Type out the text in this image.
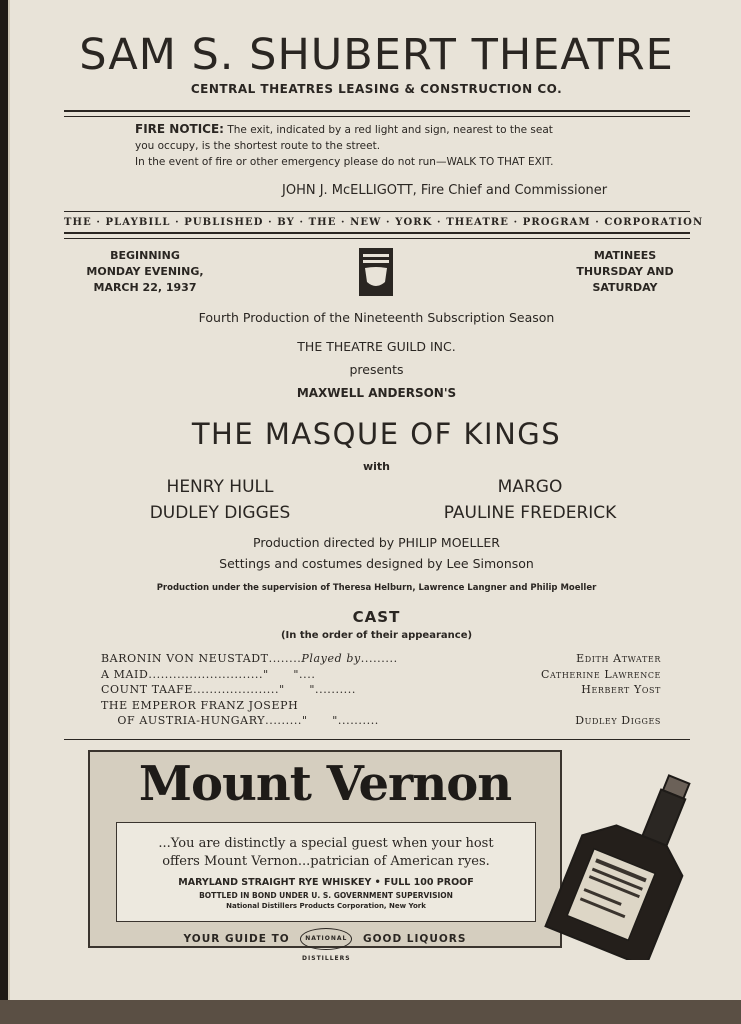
SAM S. SHUBERT THEATRE
CENTRAL THEATRES LEASING & CONSTRUCTION CO.
FIRE NOTICE: The exit, indicated by a red light and sign, nearest to the seat
you occupy, is the shortest route to the street.
In the event of fire or other emergency please do not run—WALK TO THAT EXIT.
JOHN J. McELLIGOTT, Fire Chief and Commissioner
THE · PLAYBILL · PUBLISHED · BY · THE · NEW · YORK · THEATRE · PROGRAM · CORPORATION
BEGINNING
MONDAY EVENING,
MARCH 22, 1937
MATINEES
THURSDAY AND
SATURDAY
Fourth Production of the Nineteenth Subscription Season
THE THEATRE GUILD INC.
presents
MAXWELL ANDERSON'S
THE MASQUE OF KINGS
with
HENRY HULL
DUDLEY DIGGES
MARGO
PAULINE FREDERICK
Production directed by PHILIP MOELLER
Settings and costumes designed by Lee Simonson
Production under the supervision of Theresa Helburn, Lawrence Langner and Philip Moeller
CAST
(In the order of their appearance)
BARONIN VON NEUSTADT ........ Played by .........	Edith Atwater
A MAID ............................ "      " ....	Catherine Lawrence
COUNT TAAFE ..................... "      " ..........	Herbert Yost
THE EMPEROR FRANZ JOSEPH
OF AUSTRIA-HUNGARY ......... "      " ..........	Dudley Digges
Mount Vernon
...You are distinctly a special guest when your host
offers Mount Vernon...patrician of American ryes.
MARYLAND STRAIGHT RYE WHISKEY • FULL 100 PROOF
BOTTLED IN BOND UNDER U. S. GOVERNMENT SUPERVISION
National Distillers Products Corporation, New York
YOUR GUIDE TO	NATIONAL DISTILLERS GOOD LIQUORS
